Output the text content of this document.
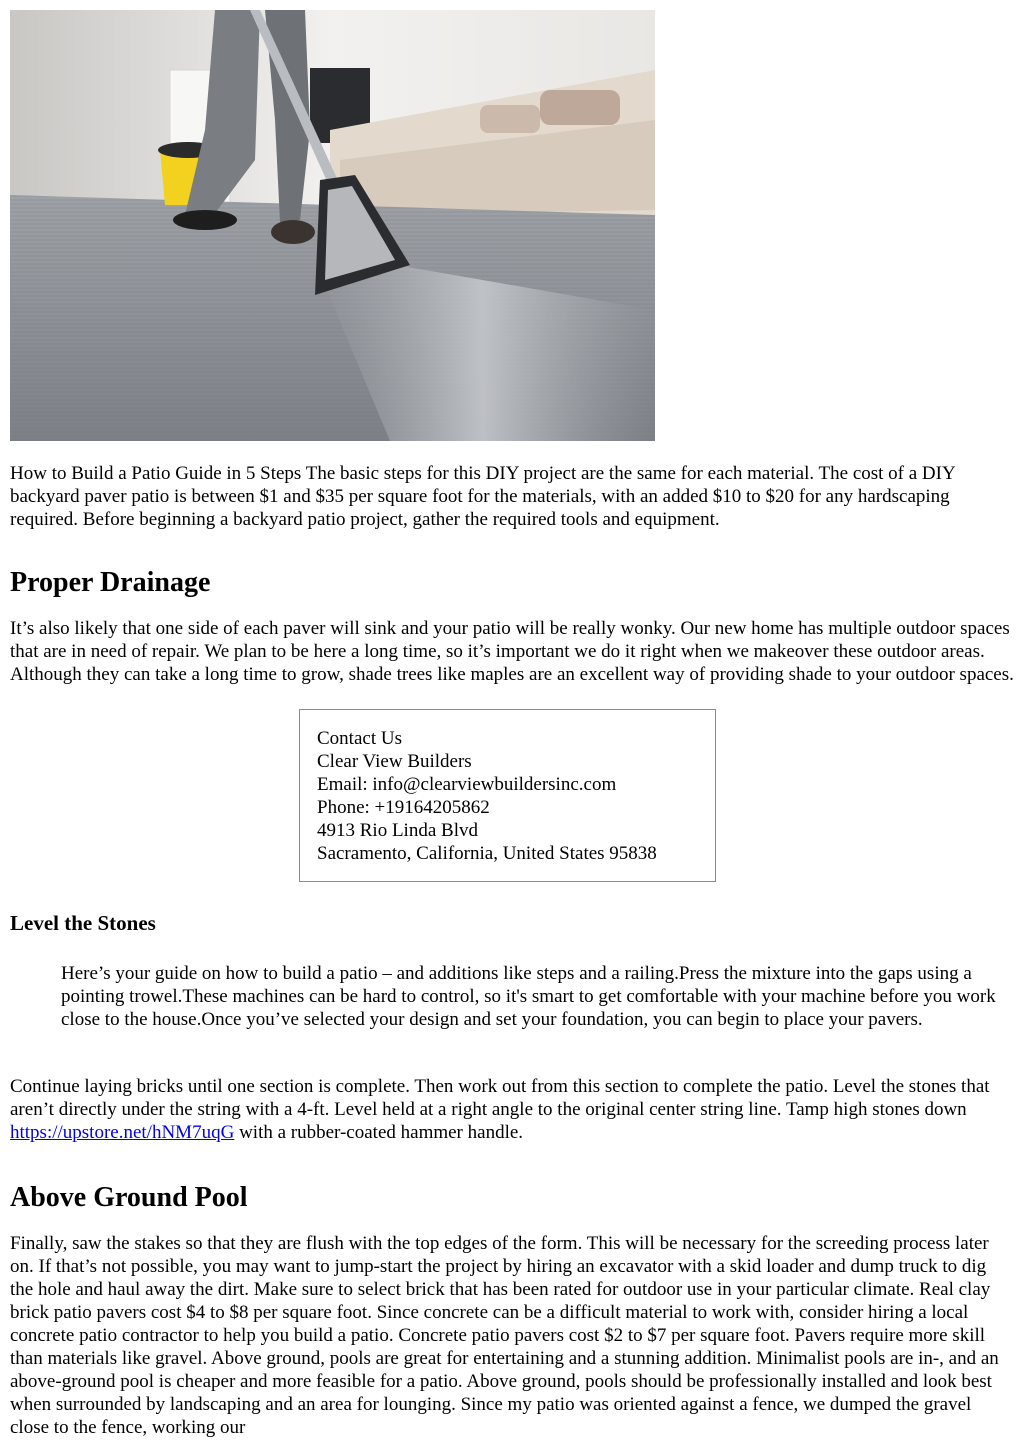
How to Build a Patio Guide in 5 Steps The basic steps for this DIY project are the same for each material. The cost of a DIY backyard paver patio is between $1 and $35 per square foot for the materials, with an added $10 to $20 for any hardscaping required. Before beginning a backyard patio project, gather the required tools and equipment.

Proper Drainage

It’s also likely that one side of each paver will sink and your patio will be really wonky. Our new home has multiple outdoor spaces that are in need of repair. We plan to be here a long time, so it’s important we do it right when we makeover these outdoor areas. Although they can take a long time to grow, shade trees like maples are an excellent way of providing shade to your outdoor spaces.

Contact Us
Clear View Builders
Email: info@clearviewbuildersinc.com
Phone: +19164205862
4913 Rio Linda Blvd
Sacramento, California, United States 95838
Level the Stones

Here’s your guide on how to build a patio – and additions like steps and a railing.Press the mixture into the gaps using a pointing trowel.These machines can be hard to control, so it's smart to get comfortable with your machine before you work close to the house.Once you’ve selected your design and set your foundation, you can begin to place your pavers.

Continue laying bricks until one section is complete. Then work out from this section to complete the patio. Level the stones that aren’t directly under the string with a 4-ft. Level held at a right angle to the original center string line. Tamp high stones down https://upstore.net/hNM7uqG with a rubber-coated hammer handle.

Above Ground Pool

Finally, saw the stakes so that they are flush with the top edges of the form. This will be necessary for the screeding process later on. If that’s not possible, you may want to jump-start the project by hiring an excavator with a skid loader and dump truck to dig the hole and haul away the dirt. Make sure to select brick that has been rated for outdoor use in your particular climate. Real clay brick patio pavers cost $4 to $8 per square foot. Since concrete can be a difficult material to work with, consider hiring a local concrete patio contractor to help you build a patio. Concrete patio pavers cost $2 to $7 per square foot. Pavers require more skill than materials like gravel. Above ground, pools are great for entertaining and a stunning addition. Minimalist pools are in-, and an above-ground pool is cheaper and more feasible for a patio. Above ground, pools should be professionally installed and look best when surrounded by landscaping and an area for lounging. Since my patio was oriented against a fence, we dumped the gravel close to the fence, working our
